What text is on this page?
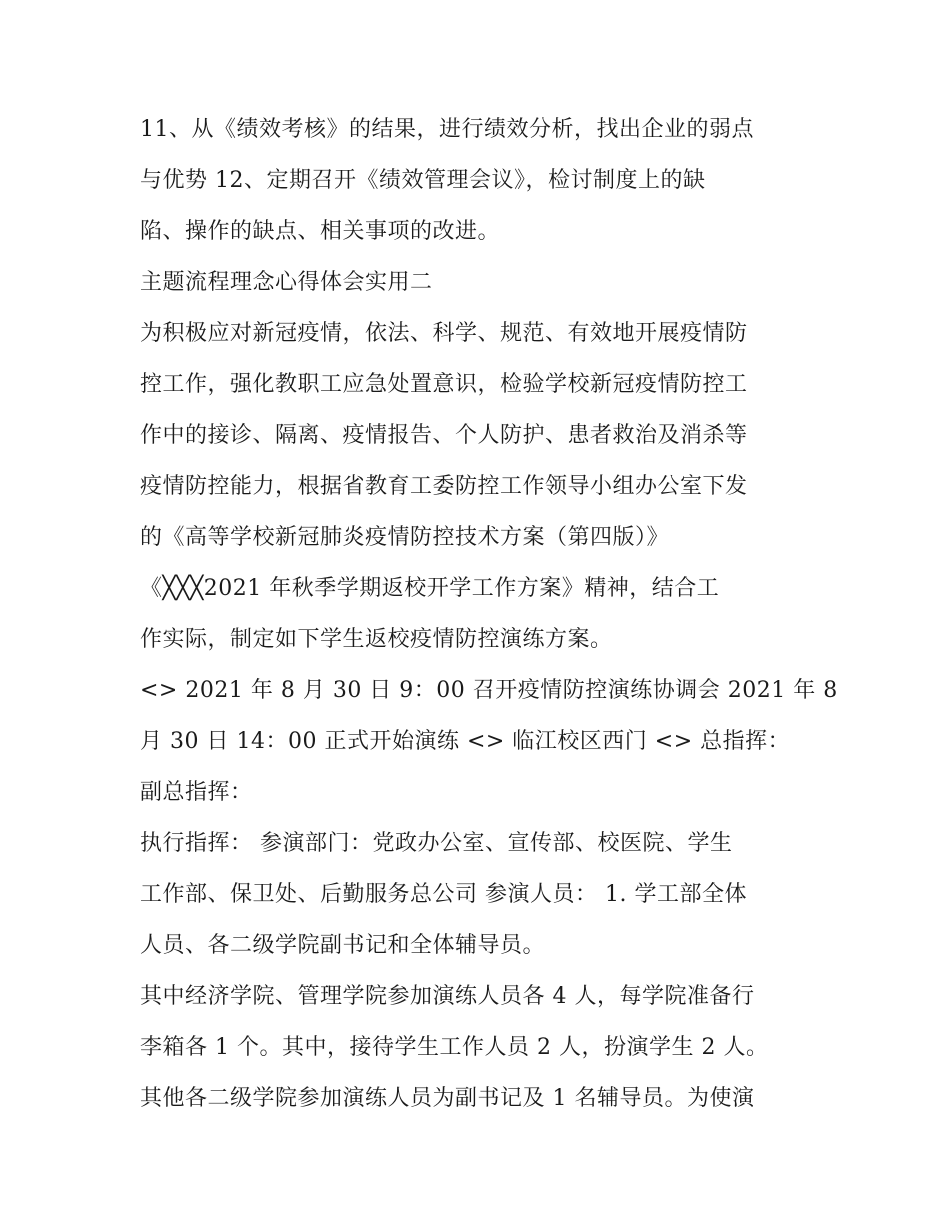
11、从《绩效考核》的结果，进行绩效分析，找出企业的弱点
与优势 12、定期召开《绩效管理会议》，检讨制度上的缺
陷、操作的缺点、相关事项的改进。
主题流程理念心得体会实用二
为积极应对新冠疫情，依法、科学、规范、有效地开展疫情防
控工作，强化教职工应急处置意识，检验学校新冠疫情防控工
作中的接诊、隔离、疫情报告、个人防护、患者救治及消杀等
疫情防控能力，根据省教育工委防控工作领导小组办公室下发
的《高等学校新冠肺炎疫情防控技术方案（第四版）》
《╳╳╳2021 年秋季学期返校开学工作方案》精神，结合工
作实际，制定如下学生返校疫情防控演练方案。
<> 2021 年 8 月 30 日 9：00 召开疫情防控演练协调会 2021 年 8
月 30 日 14：00 正式开始演练 <> 临江校区西门 <> 总指挥：
副总指挥：
执行指挥： 参演部门：党政办公室、宣传部、校医院、学生
工作部、保卫处、后勤服务总公司 参演人员： 1. 学工部全体
人员、各二级学院副书记和全体辅导员。
其中经济学院、管理学院参加演练人员各 4 人，每学院准备行
李箱各 1 个。其中，接待学生工作人员 2 人，扮演学生 2 人。
其他各二级学院参加演练人员为副书记及 1 名辅导员。为使演
